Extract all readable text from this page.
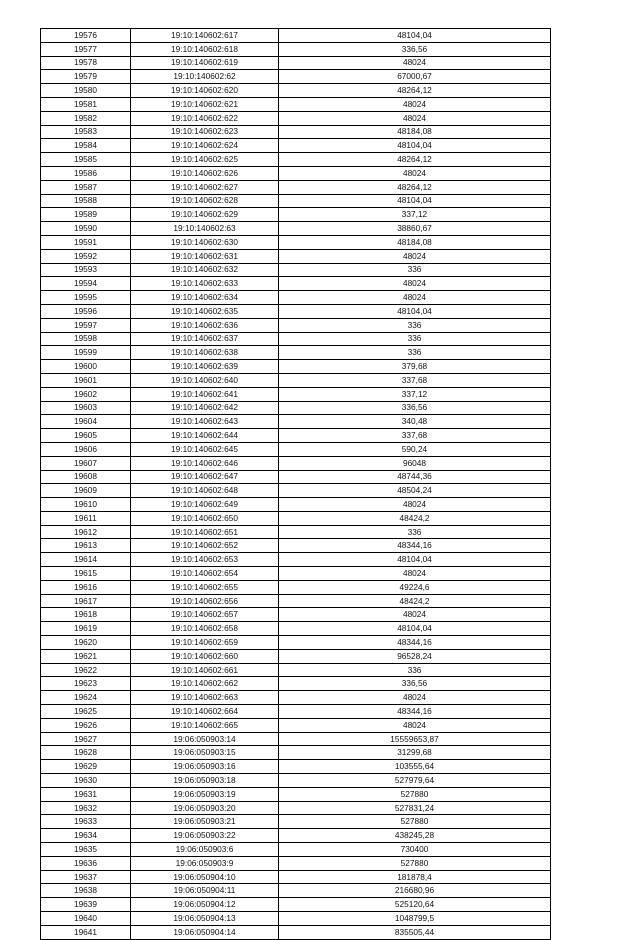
19576	19:10:140602:617	48104,04
19577	19:10:140602:618	336,56
19578	19:10:140602:619	48024
19579	19:10:140602:62	67000,67
19580	19:10:140602:620	48264,12
19581	19:10:140602:621	48024
19582	19:10:140602:622	48024
19583	19:10:140602:623	48184,08
19584	19:10:140602:624	48104,04
19585	19:10:140602:625	48264,12
19586	19:10:140602:626	48024
19587	19:10:140602:627	48264,12
19588	19:10:140602:628	48104,04
19589	19:10:140602:629	337,12
19590	19:10:140602:63	38860,67
19591	19:10:140602:630	48184,08
19592	19:10:140602:631	48024
19593	19:10:140602:632	336
19594	19:10:140602:633	48024
19595	19:10:140602:634	48024
19596	19:10:140602:635	48104,04
19597	19:10:140602:636	336
19598	19:10:140602:637	336
19599	19:10:140602:638	336
19600	19:10:140602:639	379,68
19601	19:10:140602:640	337,68
19602	19:10:140602:641	337,12
19603	19:10:140602:642	336,56
19604	19:10:140602:643	340,48
19605	19:10:140602:644	337,68
19606	19:10:140602:645	590,24
19607	19:10:140602:646	96048
19608	19:10:140602:647	48744,36
19609	19:10:140602:648	48504,24
19610	19:10:140602:649	48024
19611	19:10:140602:650	48424,2
19612	19:10:140602:651	336
19613	19:10:140602:652	48344,16
19614	19:10:140602:653	48104,04
19615	19:10:140602:654	48024
19616	19:10:140602:655	49224,6
19617	19:10:140602:656	48424,2
19618	19:10:140602:657	48024
19619	19:10:140602:658	48104,04
19620	19:10:140602:659	48344,16
19621	19:10:140602:660	96528,24
19622	19:10:140602:661	336
19623	19:10:140602:662	336,56
19624	19:10:140602:663	48024
19625	19:10:140602:664	48344,16
19626	19:10:140602:665	48024
19627	19:06:050903:14	15559653,87
19628	19:06:050903:15	31299,68
19629	19:06:050903:16	103555,64
19630	19:06:050903:18	527979,64
19631	19:06:050903:19	527880
19632	19:06:050903:20	527831,24
19633	19:06:050903:21	527880
19634	19:06:050903:22	438245,28
19635	19:06:050903:6	730400
19636	19:06:050903:9	527880
19637	19:06:050904:10	181878,4
19638	19:06:050904:11	216680,96
19639	19:06:050904:12	525120,64
19640	19:06:050904:13	1048799,5
19641	19:06:050904:14	835505,44
